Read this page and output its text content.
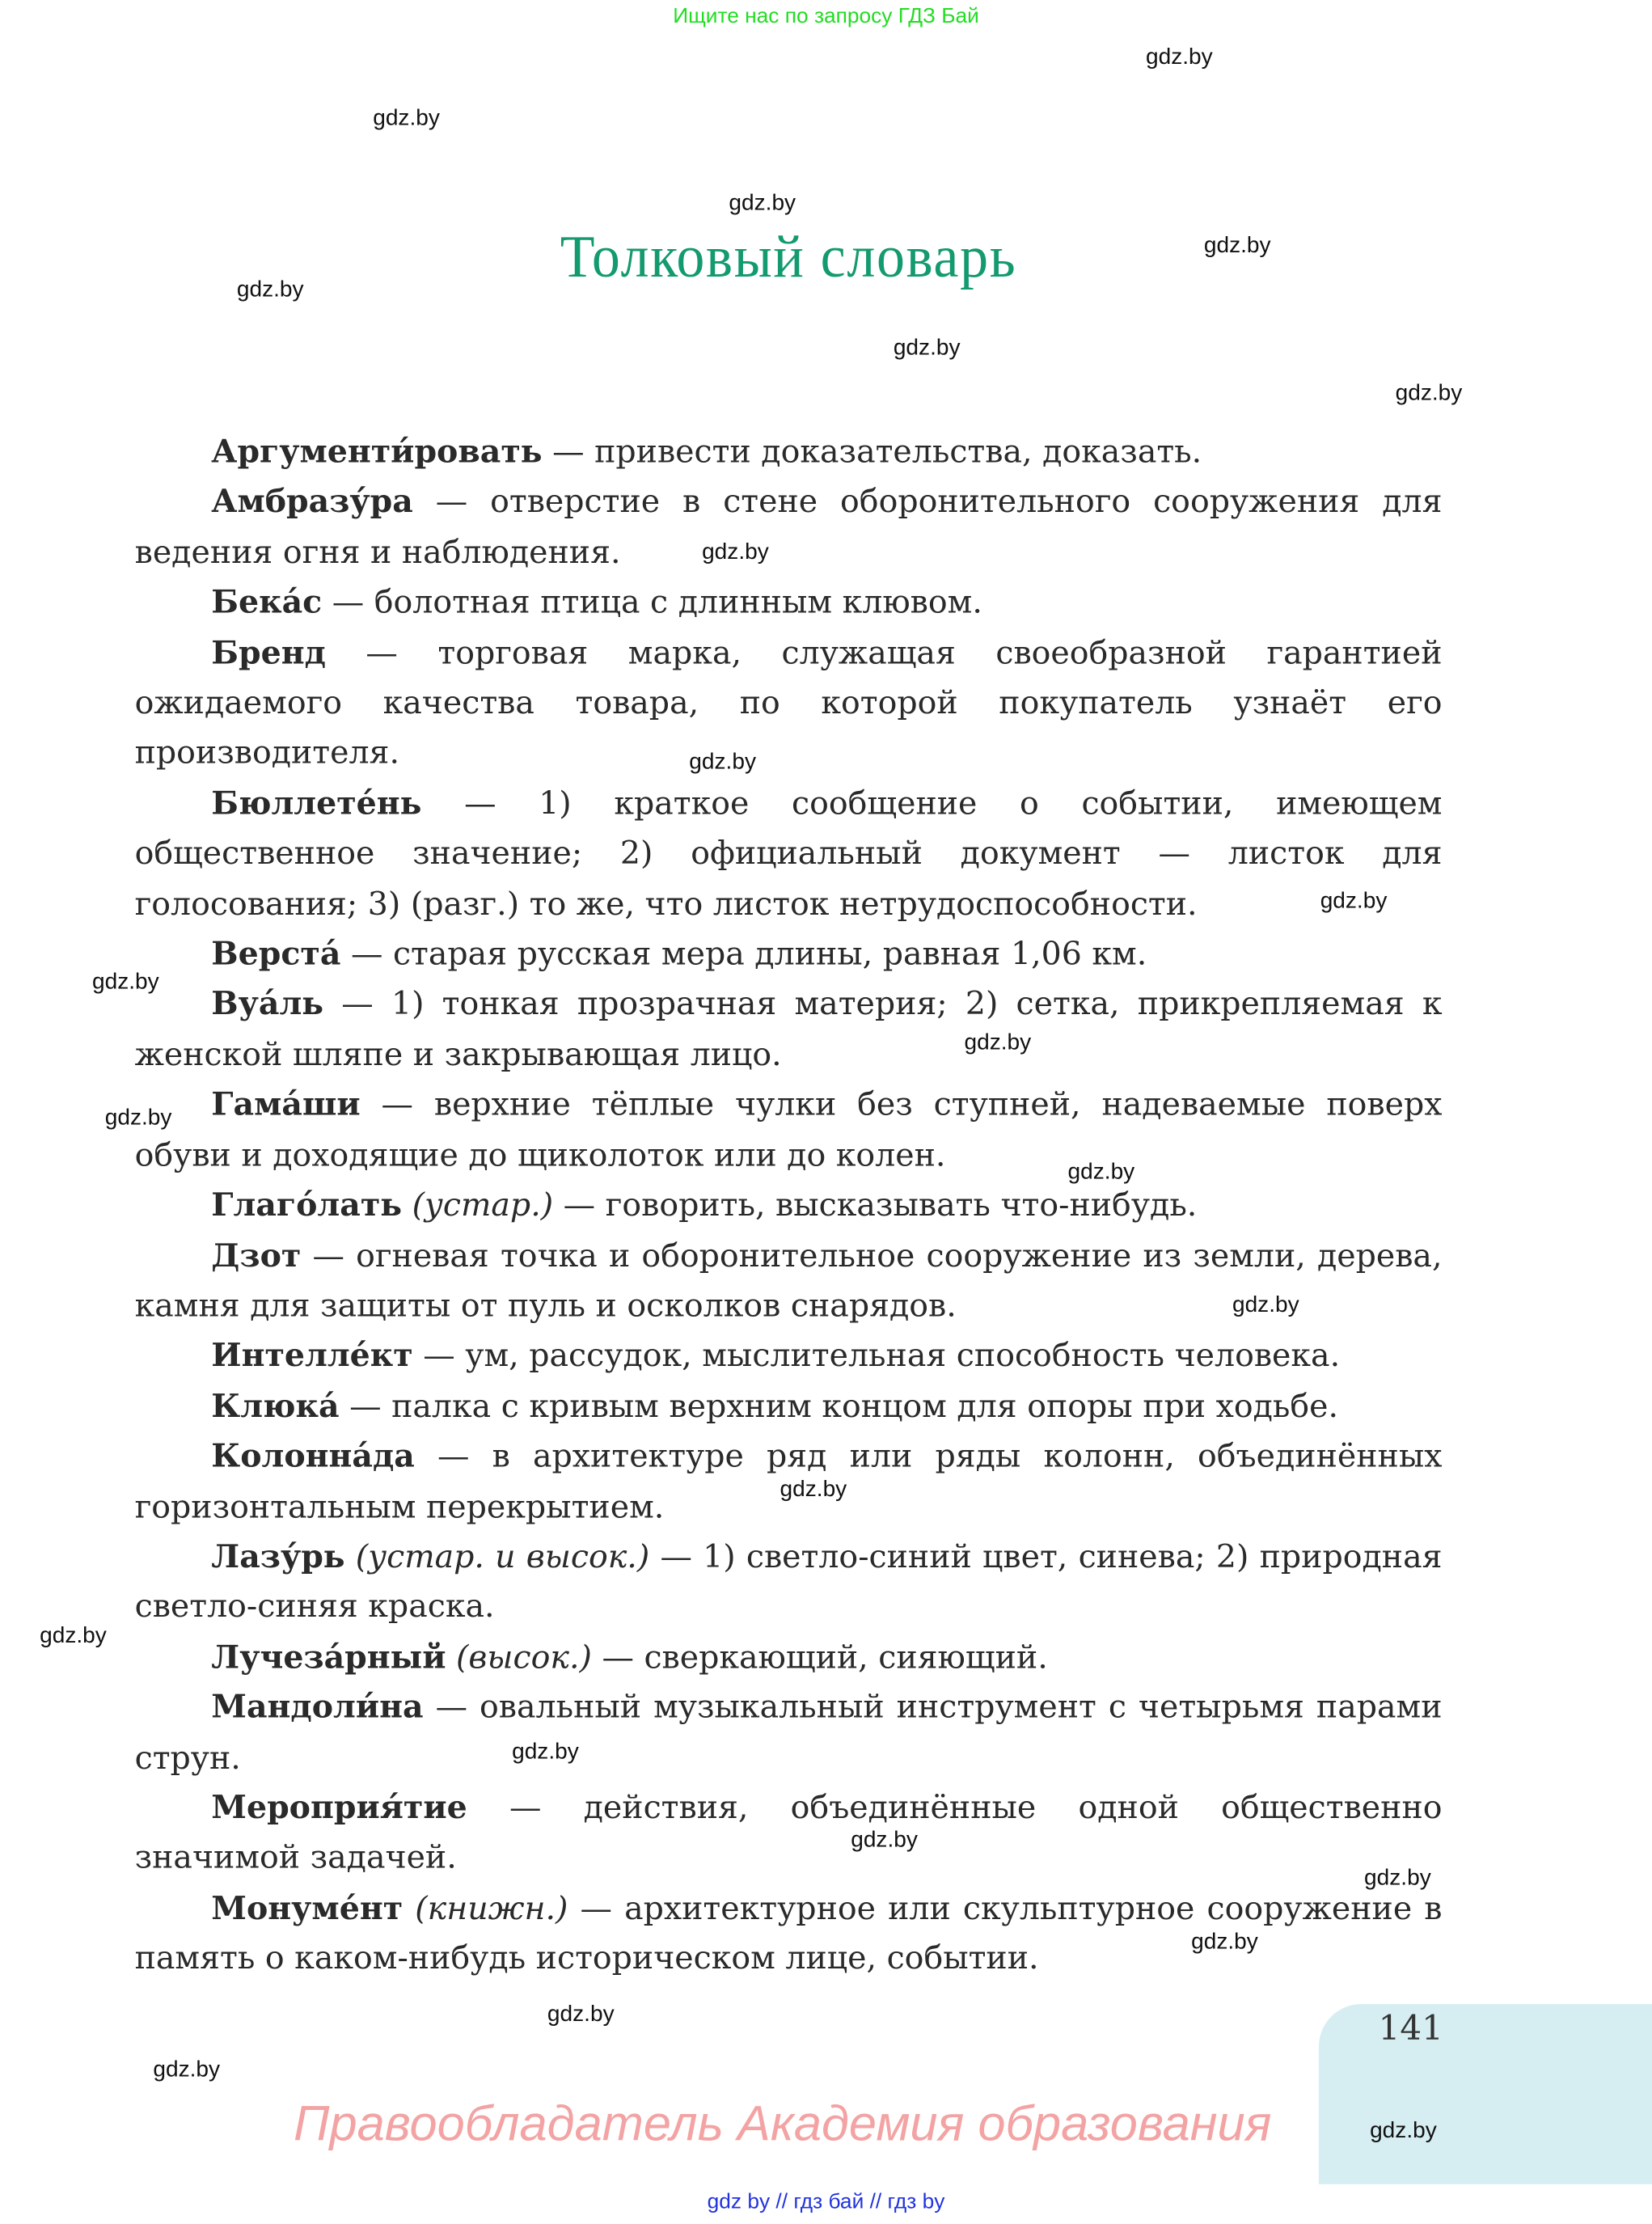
Ищите нас по запросу ГДЗ Бай
Толковый словарь

Аргументи́ровать — привести доказательства, доказать.

Амбразу́ра — отверстие в стене оборонительного сооружения для ведения огня и наблюдения.

Бека́с — болотная птица с длинным клювом.

Бренд — торговая марка, служащая своеобразной гарантией ожидаемого качества товара, по которой покупатель узнаёт его производителя.

Бюллете́нь — 1) краткое сообщение о событии, имеющем общественное значение; 2) официальный документ — листок для голосования; 3) (разг.) то же, что листок нетрудоспособности.

Верста́ — старая русская мера длины, равная 1,06 км.

Вуа́ль — 1) тонкая прозрачная материя; 2) сетка, прикрепляемая к женской шляпе и закрывающая лицо.

Гама́ши — верхние тёплые чулки без ступней, надеваемые поверх обуви и доходящие до щиколоток или до колен.

Глаго́лать (устар.) — говорить, высказывать что-нибудь.

Дзот — огневая точка и оборонительное сооружение из земли, дерева, камня для защиты от пуль и осколков снарядов.

Интелле́кт — ум, рассудок, мыслительная способность человека.

Клюка́ — палка с кривым верхним концом для опоры при ходьбе.

Колонна́да — в архитектуре ряд или ряды колонн, объединённых горизонтальным перекрытием.

Лазу́рь (устар. и высок.) — 1) светло-синий цвет, синева; 2) природная светло-синяя краска.

Лучеза́рный (высок.) — сверкающий, сияющий.

Мандоли́на — овальный музыкальный инструмент с четырьмя парами струн.

Мероприя́тие — действия, объединённые одной общественно значимой задачей.

Монуме́нт (книжн.) — архитектурное или скульптурное сооружение в память о каком-нибудь историческом лице, событии.

gdz.by
gdz.by
gdz.by
gdz.by
gdz.by
gdz.by
gdz.by
gdz.by
gdz.by
gdz.by
gdz.by
gdz.by
gdz.by
gdz.by
gdz.by
gdz.by
gdz.by
gdz.by
gdz.by
gdz.by
gdz.by
gdz.by
gdz.by
gdz.by
141
Правообладатель Академия образования
gdz by // гдз бай // гдз by
